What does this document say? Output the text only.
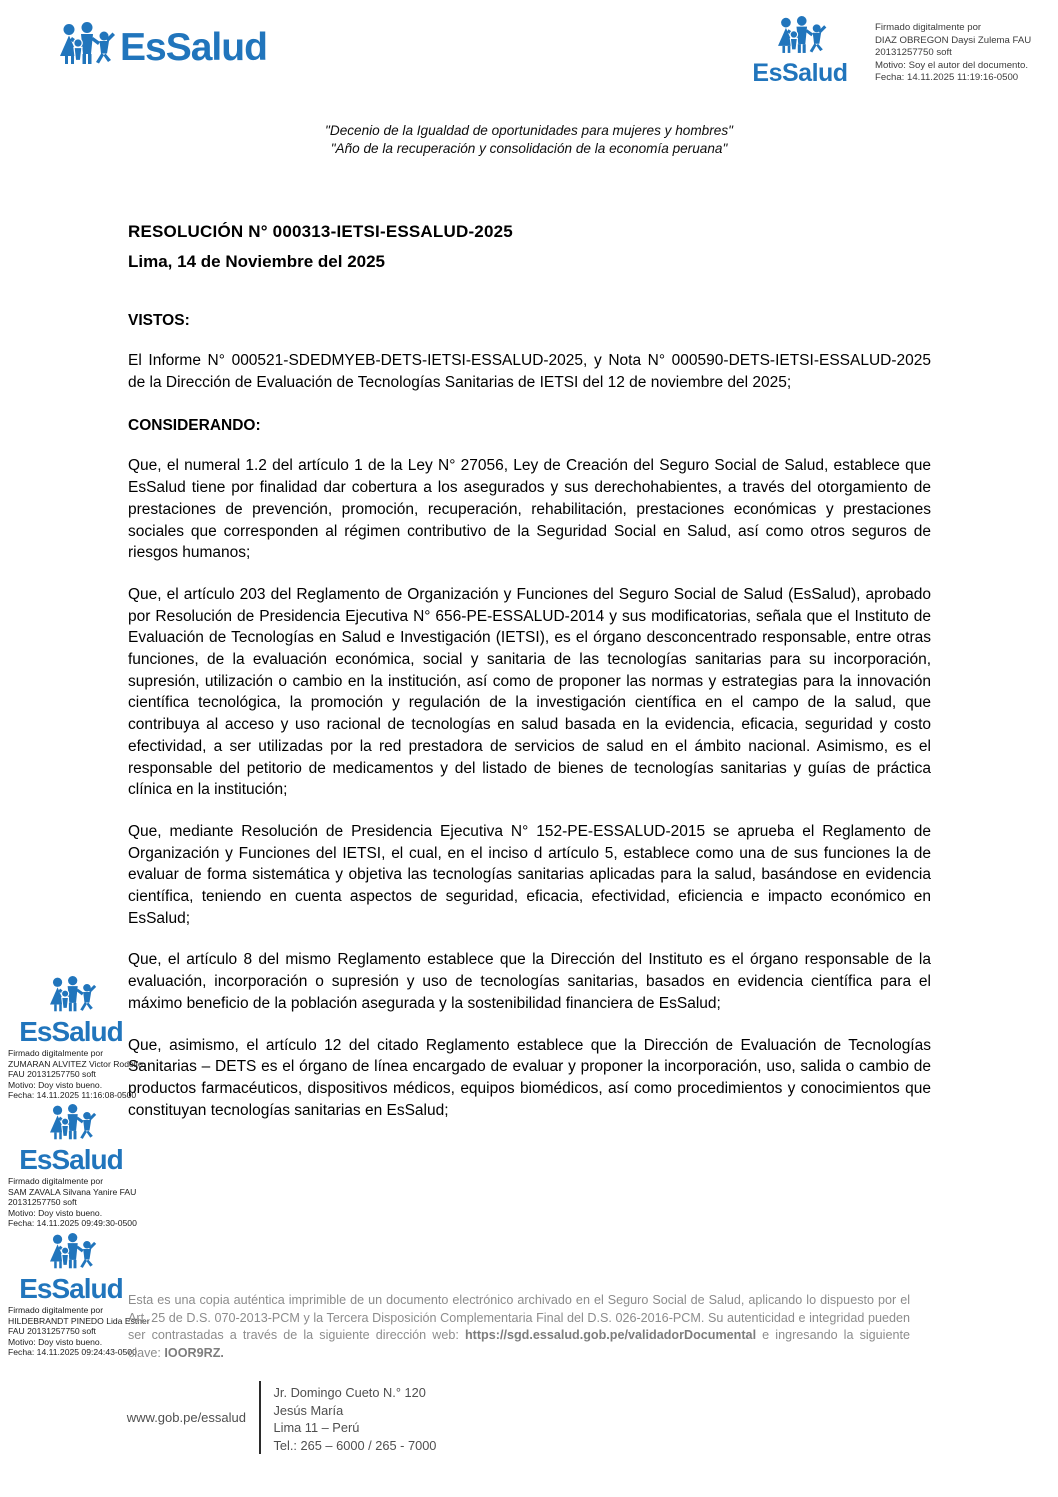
EsSalud
EsSalud
Firmado digitalmente por
DIAZ OBREGON Daysi Zulema FAU
20131257750 soft
Motivo: Soy el autor del documento.
Fecha: 14.11.2025 11:19:16-0500
"Decenio de la Igualdad de oportunidades para mujeres y hombres"
"Año de la recuperación y consolidación de la economía peruana"
RESOLUCIÓN N° 000313-IETSI-ESSALUD-2025
Lima, 14 de Noviembre del 2025
VISTOS:
El Informe N° 000521-SDEDMYEB-DETS-IETSI-ESSALUD-2025, y Nota N° 000590-DETS-IETSI-ESSALUD-2025 de la Dirección de Evaluación de Tecnologías Sanitarias de IETSI del 12 de noviembre del 2025;
CONSIDERANDO:
Que, el numeral 1.2 del artículo 1 de la Ley N° 27056, Ley de Creación del Seguro Social de Salud, establece que EsSalud tiene por finalidad dar cobertura a los asegurados y sus derechohabientes, a través del otorgamiento de prestaciones de prevención, promoción, recuperación, rehabilitación, prestaciones económicas y prestaciones sociales que corresponden al régimen contributivo de la Seguridad Social en Salud, así como otros seguros de riesgos humanos;
Que, el artículo 203 del Reglamento de Organización y Funciones del Seguro Social de Salud (EsSalud), aprobado por Resolución de Presidencia Ejecutiva N° 656-PE-ESSALUD-2014 y sus modificatorias, señala que el Instituto de Evaluación de Tecnologías en Salud e Investigación (IETSI), es el órgano desconcentrado responsable, entre otras funciones, de la evaluación económica, social y sanitaria de las tecnologías sanitarias para su incorporación, supresión, utilización o cambio en la institución, así como de proponer las normas y estrategias para la innovación científica tecnológica, la promoción y regulación de la investigación científica en el campo de la salud, que contribuya al acceso y uso racional de tecnologías en salud basada en la evidencia, eficacia, seguridad y costo efectividad, a ser utilizadas por la red prestadora de servicios de salud en el ámbito nacional. Asimismo, es el responsable del petitorio de medicamentos y del listado de bienes de tecnologías sanitarias y guías de práctica clínica en la institución;
Que, mediante Resolución de Presidencia Ejecutiva N° 152-PE-ESSALUD-2015 se aprueba el Reglamento de Organización y Funciones del IETSI, el cual, en el inciso d artículo 5, establece como una de sus funciones la de evaluar de forma sistemática y objetiva las tecnologías sanitarias aplicadas para la salud, basándose en evidencia científica, teniendo en cuenta aspectos de seguridad, eficacia, efectividad, eficiencia e impacto económico en EsSalud;
Que, el artículo 8 del mismo Reglamento establece que la Dirección del Instituto es el órgano responsable de la evaluación, incorporación o supresión y uso de tecnologías sanitarias, basados en evidencia científica para el máximo beneficio de la población asegurada y la sostenibilidad financiera de EsSalud;
Que, asimismo, el artículo 12 del citado Reglamento establece que la Dirección de Evaluación de Tecnologías Sanitarias – DETS es el órgano de línea encargado de evaluar y proponer la incorporación, uso, salida o cambio de productos farmacéuticos, dispositivos médicos, equipos biomédicos, así como procedimientos y conocimientos que constituyan tecnologías sanitarias en EsSalud;
EsSalud
Firmado digitalmente por
ZUMARAN ALVITEZ Victor Rodolfo
FAU 20131257750 soft
Motivo: Doy visto bueno.
Fecha: 14.11.2025 11:16:08-0500
EsSalud
Firmado digitalmente por
SAM ZAVALA Silvana Yanire FAU
20131257750 soft
Motivo: Doy visto bueno.
Fecha: 14.11.2025 09:49:30-0500
EsSalud
Firmado digitalmente por
HILDEBRANDT PINEDO Lida Esther
FAU 20131257750 soft
Motivo: Doy visto bueno.
Fecha: 14.11.2025 09:24:43-0500
Esta es una copia auténtica imprimible de un documento electrónico archivado en el Seguro Social de Salud, aplicando lo dispuesto por el Art. 25 de D.S. 070-2013-PCM y la Tercera Disposición Complementaria Final del D.S. 026-2016-PCM. Su autenticidad e integridad pueden ser contrastadas a través de la siguiente dirección web: https://sgd.essalud.gob.pe/validadorDocumental e ingresando la siguiente clave: IOOR9RZ.
www.gob.pe/essalud
Jr. Domingo Cueto N.° 120
Jesús María
Lima 11 – Perú
Tel.: 265 – 6000 / 265 - 7000
